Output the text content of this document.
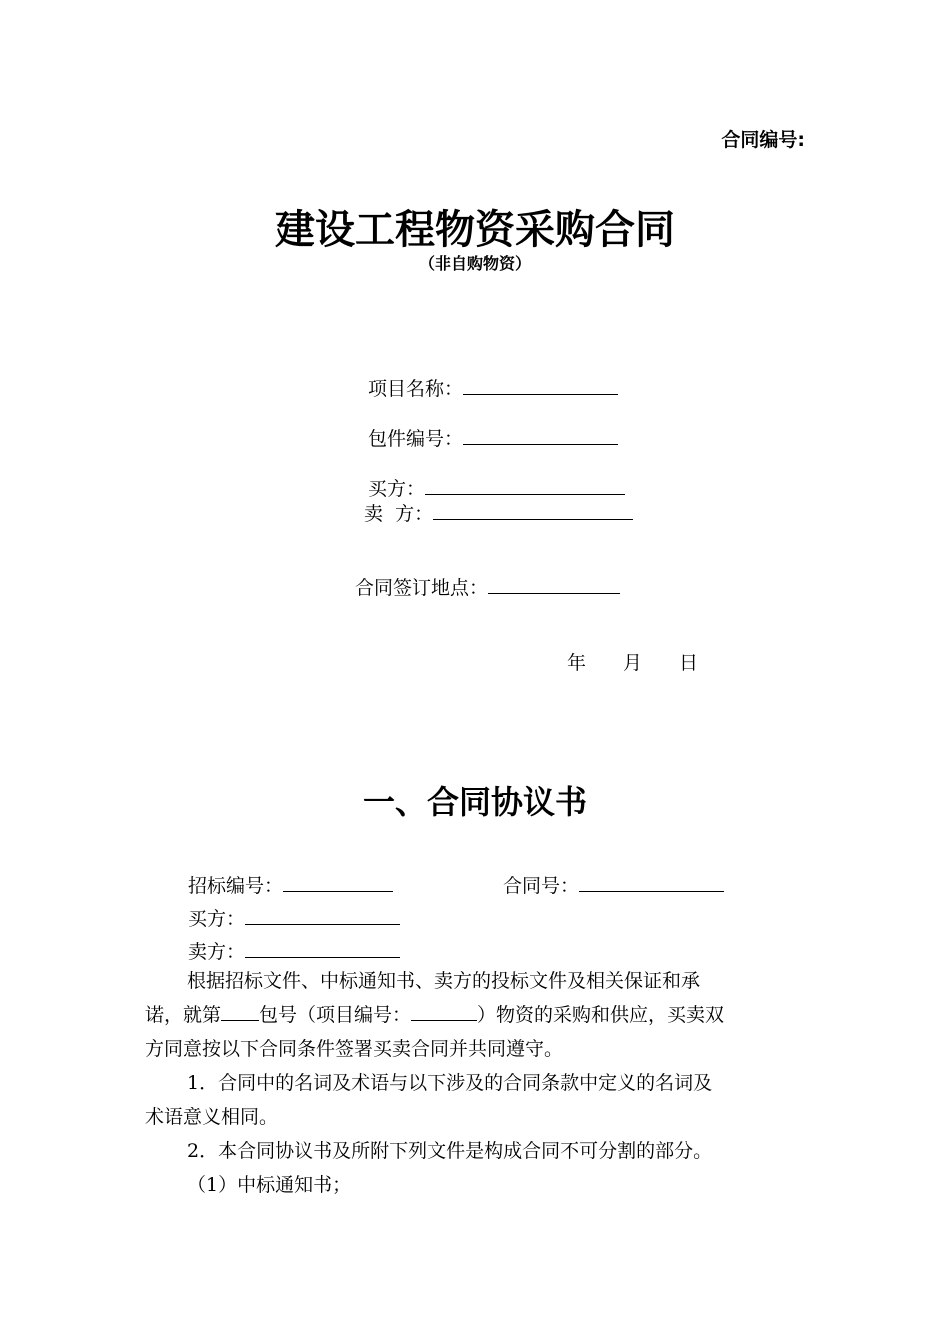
合同编号:
建设工程物资采购合同
（非自购物资）
项目名称：
包件编号：
买方：
卖  方：
合同签订地点：
年 月 日
一、合同协议书
招标编号：	合同号：
买方：
卖方：
根据招标文件、中标通知书、卖方的投标文件及相关保证和承
诺，就第 包号（项目编号：	）物资的采购和供应，买卖双
方同意按以下合同条件签署买卖合同并共同遵守。
1．合同中的名词及术语与以下涉及的合同条款中定义的名词及
术语意义相同。
2．本合同协议书及所附下列文件是构成合同不可分割的部分。
（1）中标通知书；
